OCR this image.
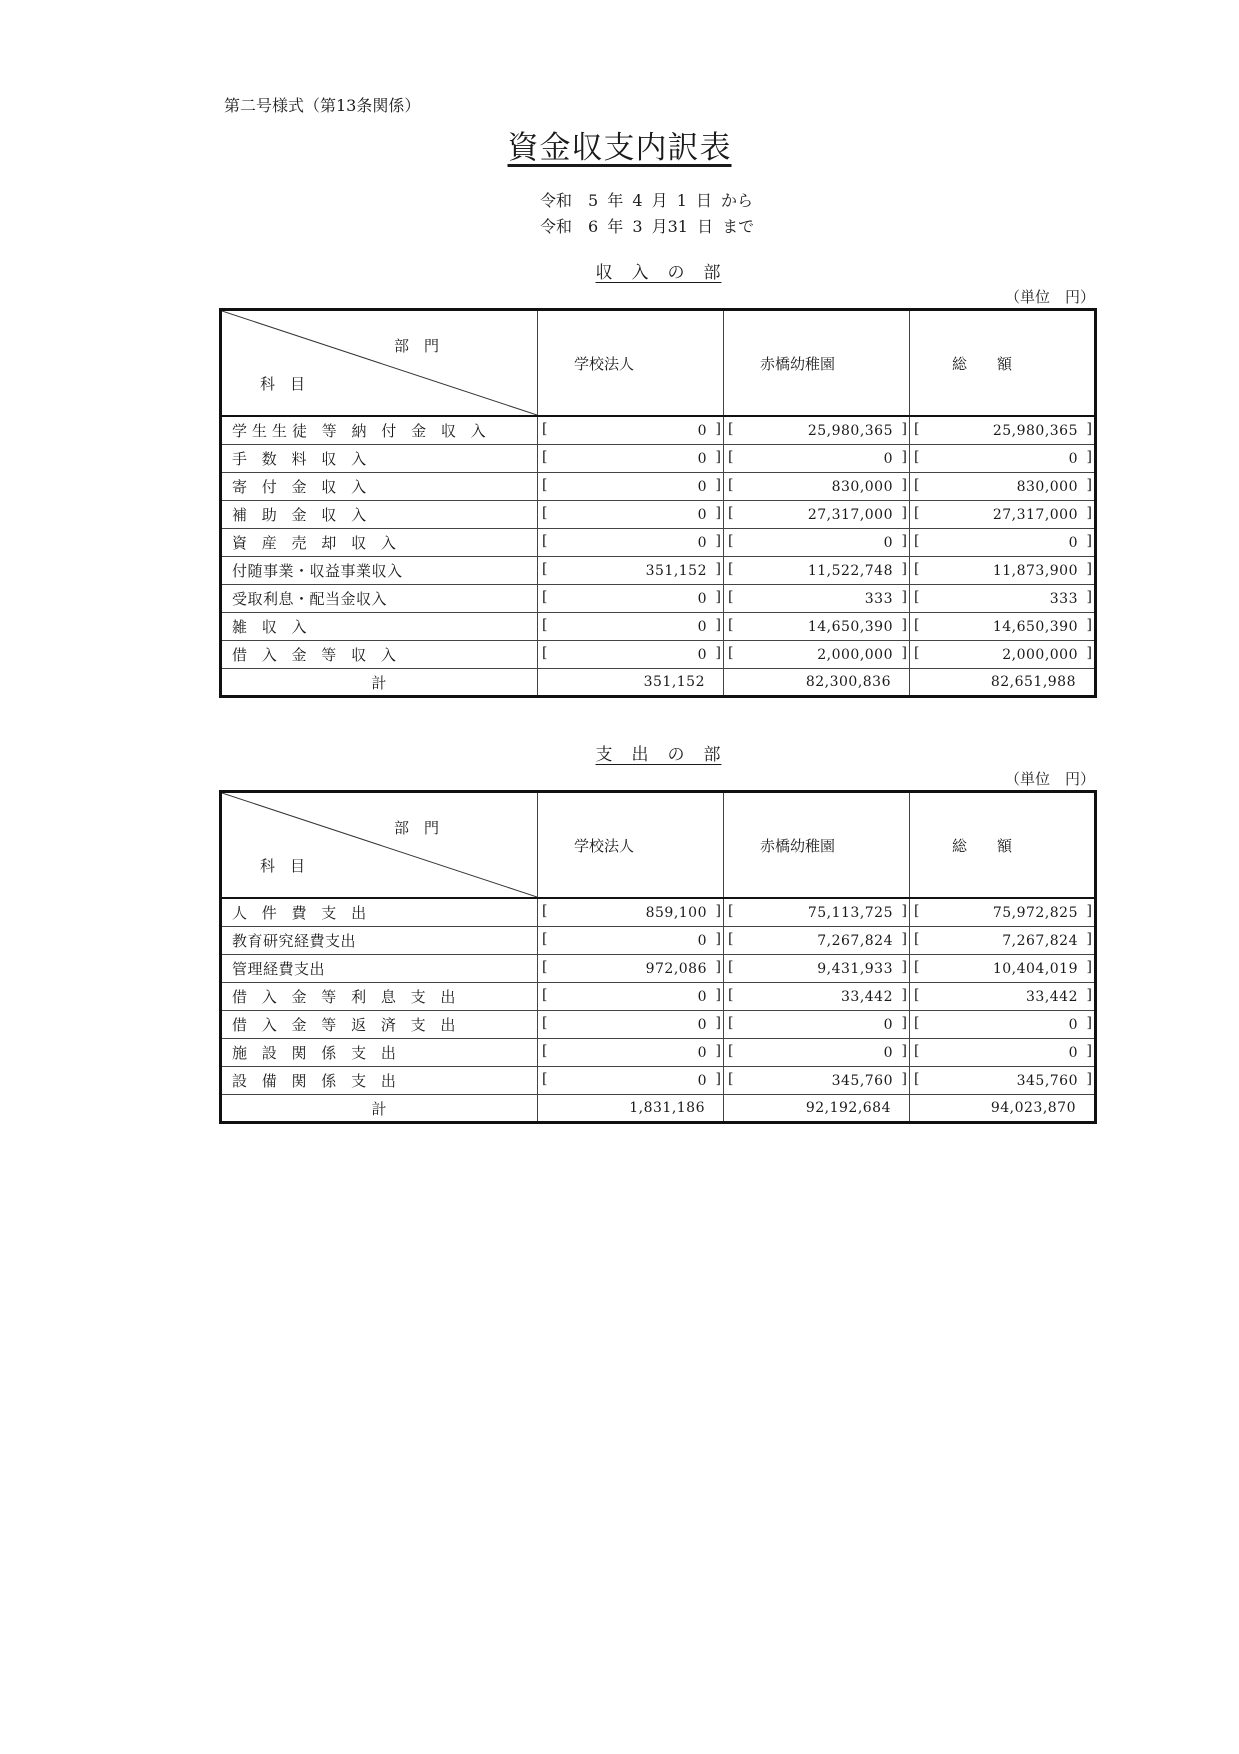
第二号様式（第13条関係）
資金収支内訳表
令和　5 年 4 月 1 日 から
令和　6 年 3 月31 日 まで
収　入　の　部
（単位　円）
部　門
科　目	学校法人	赤橋幼稚園	総　　額
学生生徒 等 納 付 金 収 入	[ 0 ]	[ 25,980,365 ]	[ 25,980,365 ]

手 数 料 収 入	[ 0 ]	[ 0 ]	[ 0 ]

寄 付 金 収 入	[ 0 ]	[ 830,000 ]	[ 830,000 ]

補 助 金 収 入	[ 0 ]	[ 27,317,000 ]	[ 27,317,000 ]

資 産 売 却 収 入	[ 0 ]	[ 0 ]	[ 0 ]

付随事業・収益事業収入	[ 351,152 ]	[ 11,522,748 ]	[ 11,873,900 ]

受取利息・配当金収入	[ 0 ]	[ 333 ]	[ 333 ]

雑 収 入	[ 0 ]	[ 14,650,390 ]	[ 14,650,390 ]

借 入 金 等 収 入	[ 0 ]	[ 2,000,000 ]	[ 2,000,000 ]

計	351,152	82,300,836	82,651,988
支　出　の　部
（単位　円）
部　門
科　目	学校法人	赤橋幼稚園	総　　額
人 件 費 支 出	[ 859,100 ]	[ 75,113,725 ]	[ 75,972,825 ]

教育研究経費支出	[ 0 ]	[ 7,267,824 ]	[ 7,267,824 ]

管理経費支出	[ 972,086 ]	[ 9,431,933 ]	[ 10,404,019 ]

借 入 金 等 利 息 支 出	[ 0 ]	[ 33,442 ]	[ 33,442 ]

借 入 金 等 返 済 支 出	[ 0 ]	[ 0 ]	[ 0 ]

施 設 関 係 支 出	[ 0 ]	[ 0 ]	[ 0 ]

設 備 関 係 支 出	[ 0 ]	[ 345,760 ]	[ 345,760 ]

計	1,831,186	92,192,684	94,023,870
